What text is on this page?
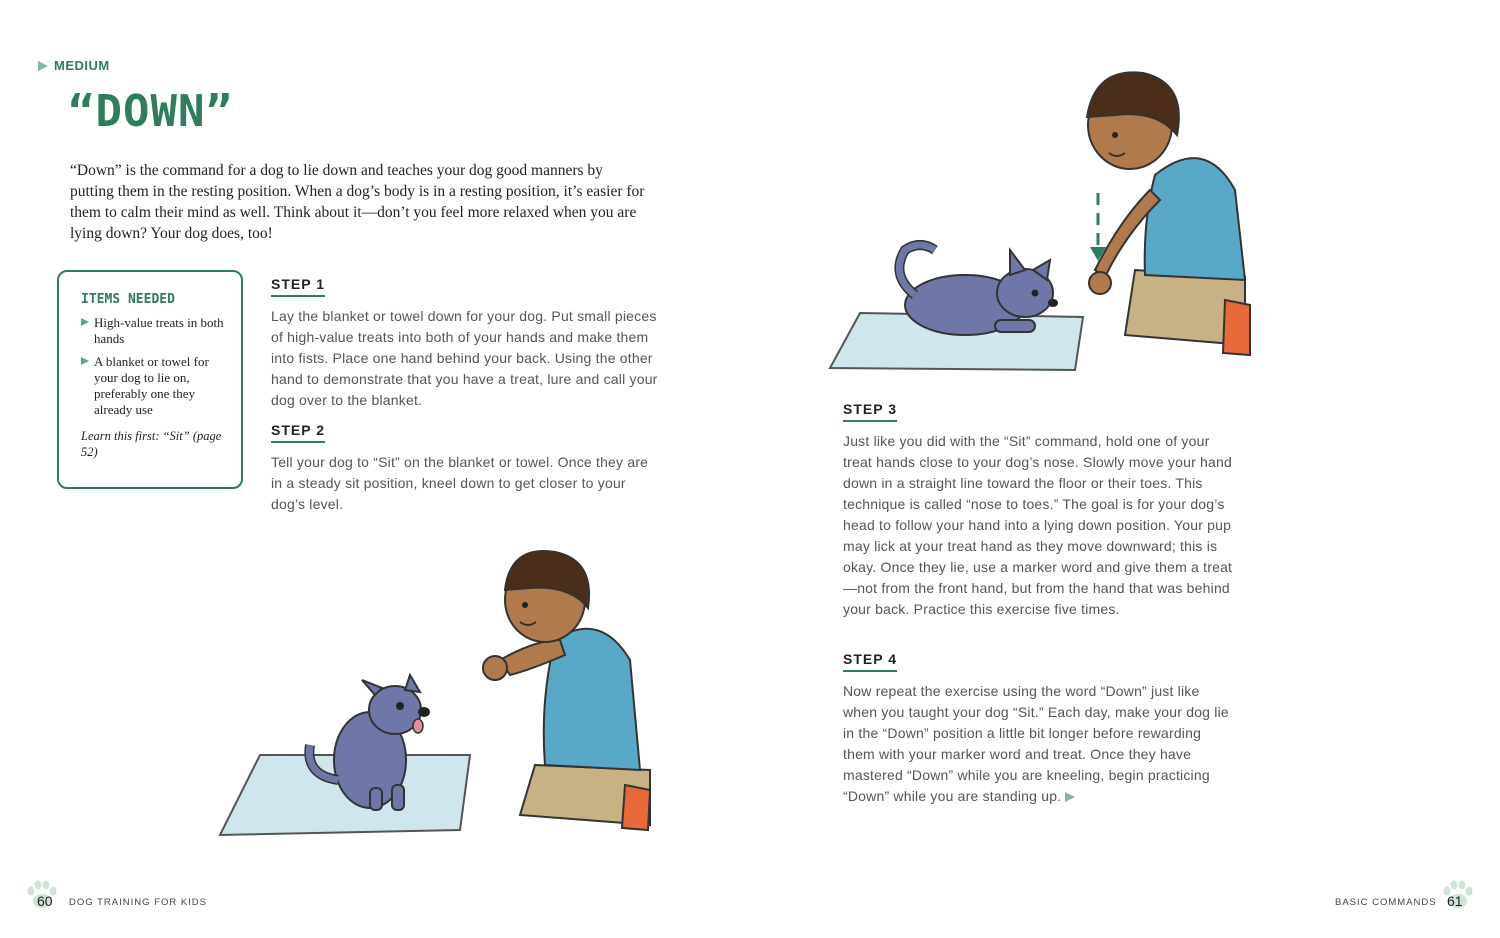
MEDIUM
“DOWN”
“Down” is the command for a dog to lie down and teaches your dog good manners by putting them in the resting position. When a dog’s body is in a resting position, it’s easier for them to calm their mind as well. Think about it—don’t you feel more relaxed when you are lying down? Your dog does, too!
ITEMS NEEDED
High-value treats in both hands
A blanket or towel for your dog to lie on, preferably one they already use
Learn this first: “Sit” (page 52)
STEP 1
Lay the blanket or towel down for your dog. Put small pieces of high-value treats into both of your hands and make them into fists. Place one hand behind your back. Using the other hand to demonstrate that you have a treat, lure and call your dog over to the blanket.
STEP 2
Tell your dog to “Sit” on the blanket or towel. Once they are in a steady sit position, kneel down to get closer to your dog’s level.
STEP 3
Just like you did with the “Sit” command, hold one of your treat hands close to your dog’s nose. Slowly move your hand down in a straight line toward the floor or their toes. This technique is called “nose to toes.” The goal is for your dog’s head to follow your hand into a lying down position. Your pup may lick at your treat hand as they move downward; this is okay. Once they lie, use a marker word and give them a treat—not from the front hand, but from the hand that was behind your back. Practice this exercise five times.
STEP 4
Now repeat the exercise using the word “Down” just like when you taught your dog “Sit.” Each day, make your dog lie in the “Down” position a little bit longer before rewarding them with your marker word and treat. Once they have mastered “Down” while you are kneeling, begin practicing “Down” while you are standing up.
60 DOG TRAINING FOR KIDS	BASIC COMMANDS 61
